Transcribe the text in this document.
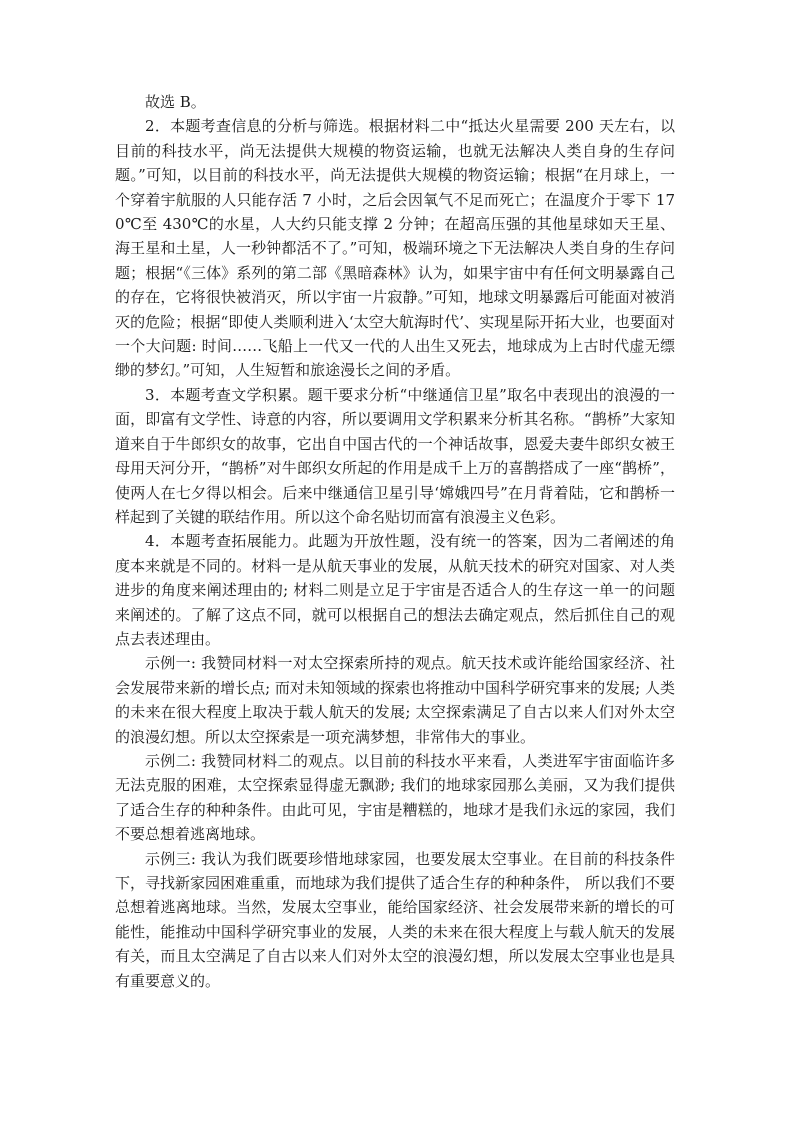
故选 B。

2．本题考查信息的分析与筛选。根据材料二中“抵达火星需要 200 天左右，以目前的科技水平，尚无法提供大规模的物资运输，也就无法解决人类自身的生存问题。”可知，以目前的科技水平，尚无法提供大规模的物资运输；根据“在月球上，一个穿着宇航服的人只能存活 7 小时，之后会因氧气不足而死亡；在温度介于零下 170℃至 430℃的水星，人大约只能支撑 2 分钟；在超高压强的其他星球如天王星、海王星和土星，人一秒钟都活不了。”可知，极端环境之下无法解决人类自身的生存问题；根据“《三体》系列的第二部《黑暗森林》认为，如果宇宙中有任何文明暴露自己的存在，它将很快被消灭，所以宇宙一片寂静。”可知，地球文明暴露后可能面对被消灭的危险；根据“即使人类顺利进入‘太空大航海时代’、实现星际开拓大业，也要面对一个大问题: 时间……飞船上一代又一代的人出生又死去，地球成为上古时代虚无缥缈的梦幻。”可知，人生短暂和旅途漫长之间的矛盾。

3．本题考查文学积累。题干要求分析“中继通信卫星”取名中表现出的浪漫的一面，即富有文学性、诗意的内容，所以要调用文学积累来分析其名称。“鹊桥”大家知道来自于牛郎织女的故事，它出自中国古代的一个神话故事，恩爱夫妻牛郎织女被王母用天河分开，“鹊桥”对牛郎织女所起的作用是成千上万的喜鹊搭成了一座“鹊桥”，使两人在七夕得以相会。后来中继通信卫星引导‘嫦娥四号”在月背着陆，它和鹊桥一样起到了关键的联结作用。所以这个命名贴切而富有浪漫主义色彩。

4．本题考查拓展能力。此题为开放性题，没有统一的答案，因为二者阐述的角度本来就是不同的。材料一是从航天事业的发展，从航天技术的研究对国家、对人类进步的角度来阐述理由的; 材料二则是立足于宇宙是否适合人的生存这一单一的问题来阐述的。了解了这点不同，就可以根据自己的想法去确定观点，然后抓住自己的观点去表述理由。

示例一: 我赞同材料一对太空探索所持的观点。航天技术或许能给国家经济、社会发展带来新的增长点; 而对未知领域的探索也将推动中国科学研究事来的发展; 人类的未来在很大程度上取决于载人航天的发展; 太空探索满足了自古以来人们对外太空的浪漫幻想。所以太空探索是一项充满梦想，非常伟大的事业。

示例二: 我赞同材料二的观点。以目前的科技水平来看，人类进军宇宙面临许多无法克服的困难，太空探索显得虚无飘渺; 我们的地球家园那么美丽，又为我们提供了适合生存的种种条件。由此可见，宇宙是糟糕的，地球才是我们永远的家园，我们不要总想着逃离地球。

示例三: 我认为我们既要珍惜地球家园，也要发展太空事业。在目前的科技条件下，寻找新家园困难重重，而地球为我们提供了适合生存的种种条件， 所以我们不要总想着逃离地球。当然，发展太空事业，能给国家经济、社会发展带来新的增长的可能性，能推动中国科学研究事业的发展，人类的未来在很大程度上与载人航天的发展有关，而且太空满足了自古以来人们对外太空的浪漫幻想，所以发展太空事业也是具有重要意义的。
